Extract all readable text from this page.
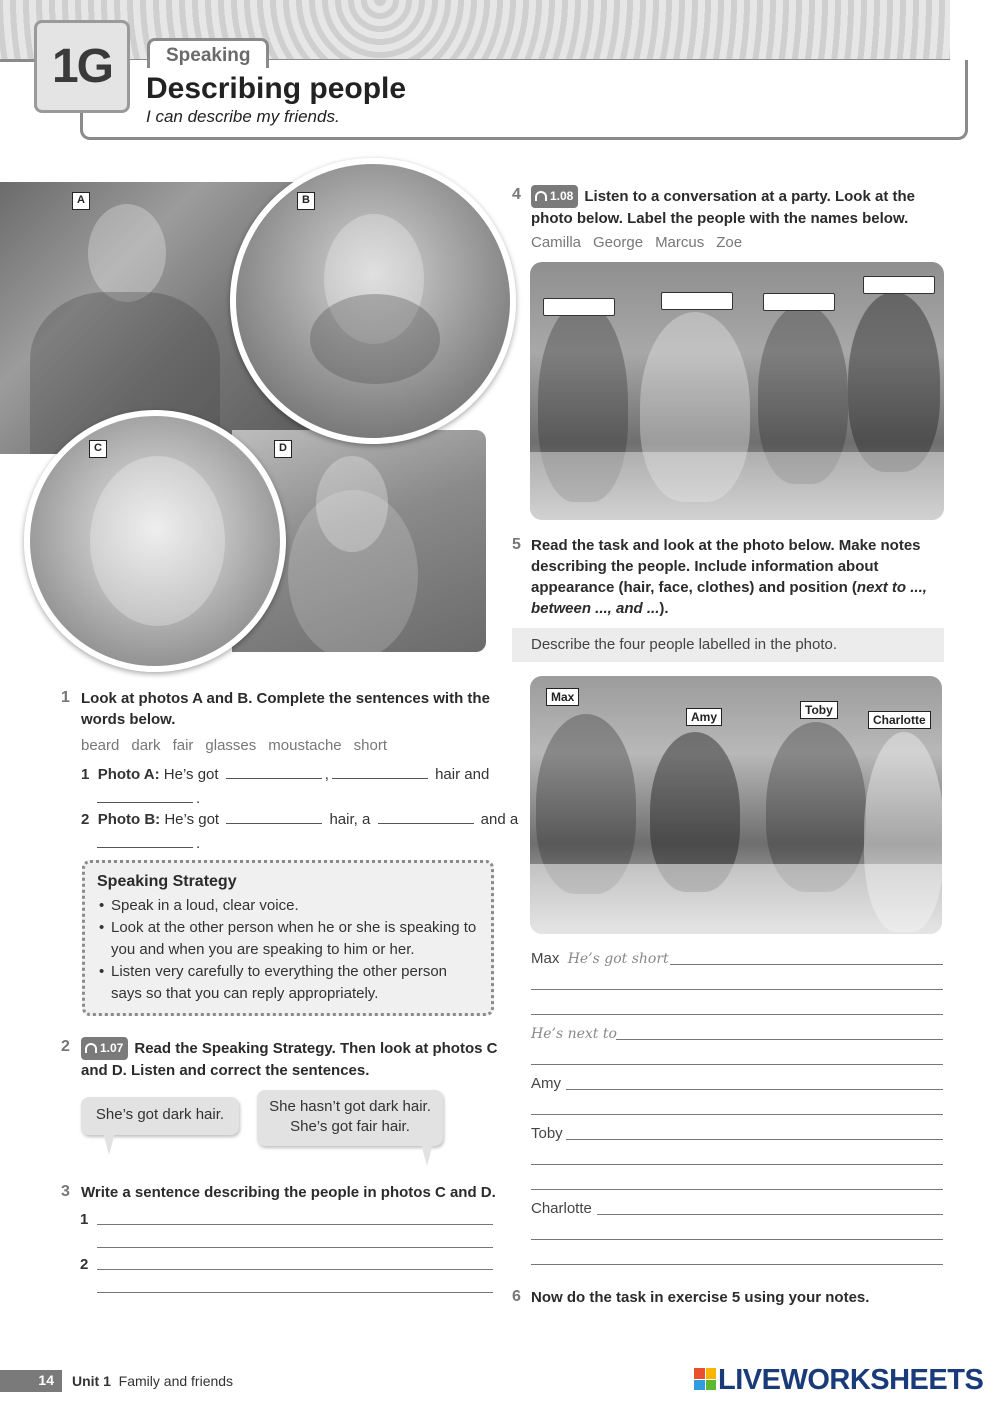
1G	Speaking
Describing people
I can describe my friends.
A	B
C	D
1 Look at photos A and B. Complete the sentences with the
words below.
beard dark fair glasses moustache short
1 Photo A: He’s got	,	hair and
.
2 Photo B: He’s got	hair, a	and a
.
Speaking Strategy
• Speak in a loud, clear voice.
• Look at the other person when he or she is speaking to
you and when you are speaking to him or her.
• Listen very carefully to everything the other person
says so that you can reply appropriately.
2	1.07 Read the Speaking Strategy. Then look at photos C
and D. Listen and correct the sentences.
She’s got dark hair.	She hasn’t got dark hair.
She’s got fair hair.
3 Write a sentence describing the people in photos C and D.
1
2
4	1.08 Listen to a conversation at a party. Look at the
photo below. Label the people with the names below.
Camilla George Marcus Zoe
5 Read the task and look at the photo below. Make notes
describing the people. Include information about
appearance (hair, face, clothes) and position (next to ...,
between ..., and ...).
Describe the four people labelled in the photo.
Max
Amy	Toby
Charlotte
Max He’s got short
He’s next to
Amy
Toby
Charlotte
6 Now do the task in exercise 5 using your notes.
14	Unit 1 Family and friends	LIVEWORKSHEETS
